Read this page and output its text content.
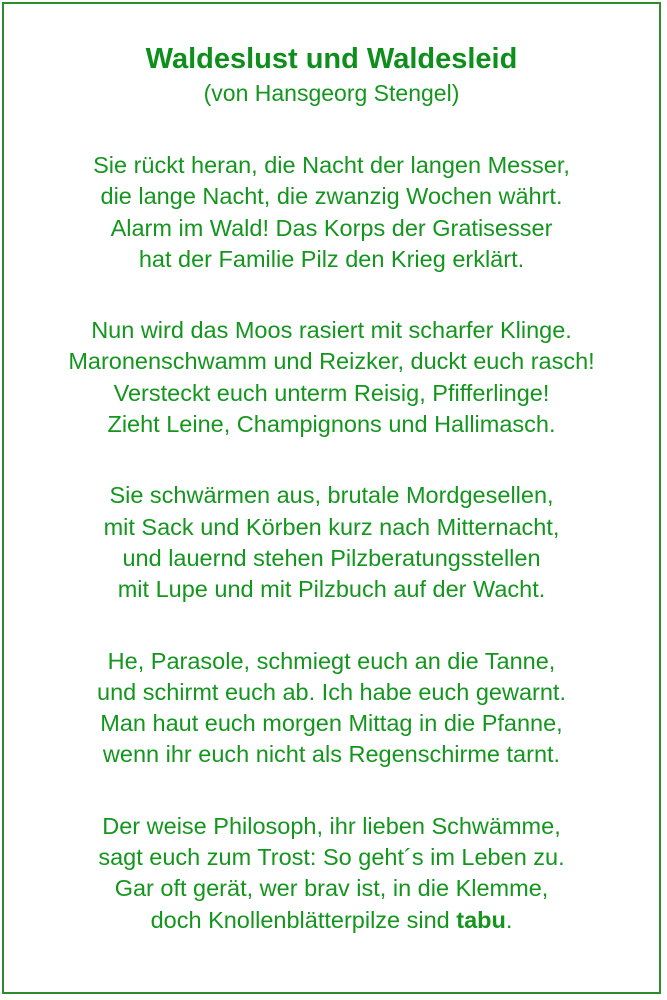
Waldeslust und Waldesleid

(von Hansgeorg Stengel)

Sie rückt heran, die Nacht der langen Messer,
die lange Nacht, die zwanzig Wochen währt.
Alarm im Wald! Das Korps der Gratisesser
hat der Familie Pilz den Krieg erklärt.
Nun wird das Moos rasiert mit scharfer Klinge.
Maronenschwamm und Reizker, duckt euch rasch!
Versteckt euch unterm Reisig, Pfifferlinge!
Zieht Leine, Champignons und Hallimasch.
Sie schwärmen aus, brutale Mordgesellen,
mit Sack und Körben kurz nach Mitternacht,
und lauernd stehen Pilzberatungsstellen
mit Lupe und mit Pilzbuch auf der Wacht.
He, Parasole, schmiegt euch an die Tanne,
und schirmt euch ab. Ich habe euch gewarnt.
Man haut euch morgen Mittag in die Pfanne,
wenn ihr euch nicht als Regenschirme tarnt.
Der weise Philosoph, ihr lieben Schwämme,
sagt euch zum Trost: So geht´s im Leben zu.
Gar oft gerät, wer brav ist, in die Klemme,
doch Knollenblätterpilze sind tabu.
